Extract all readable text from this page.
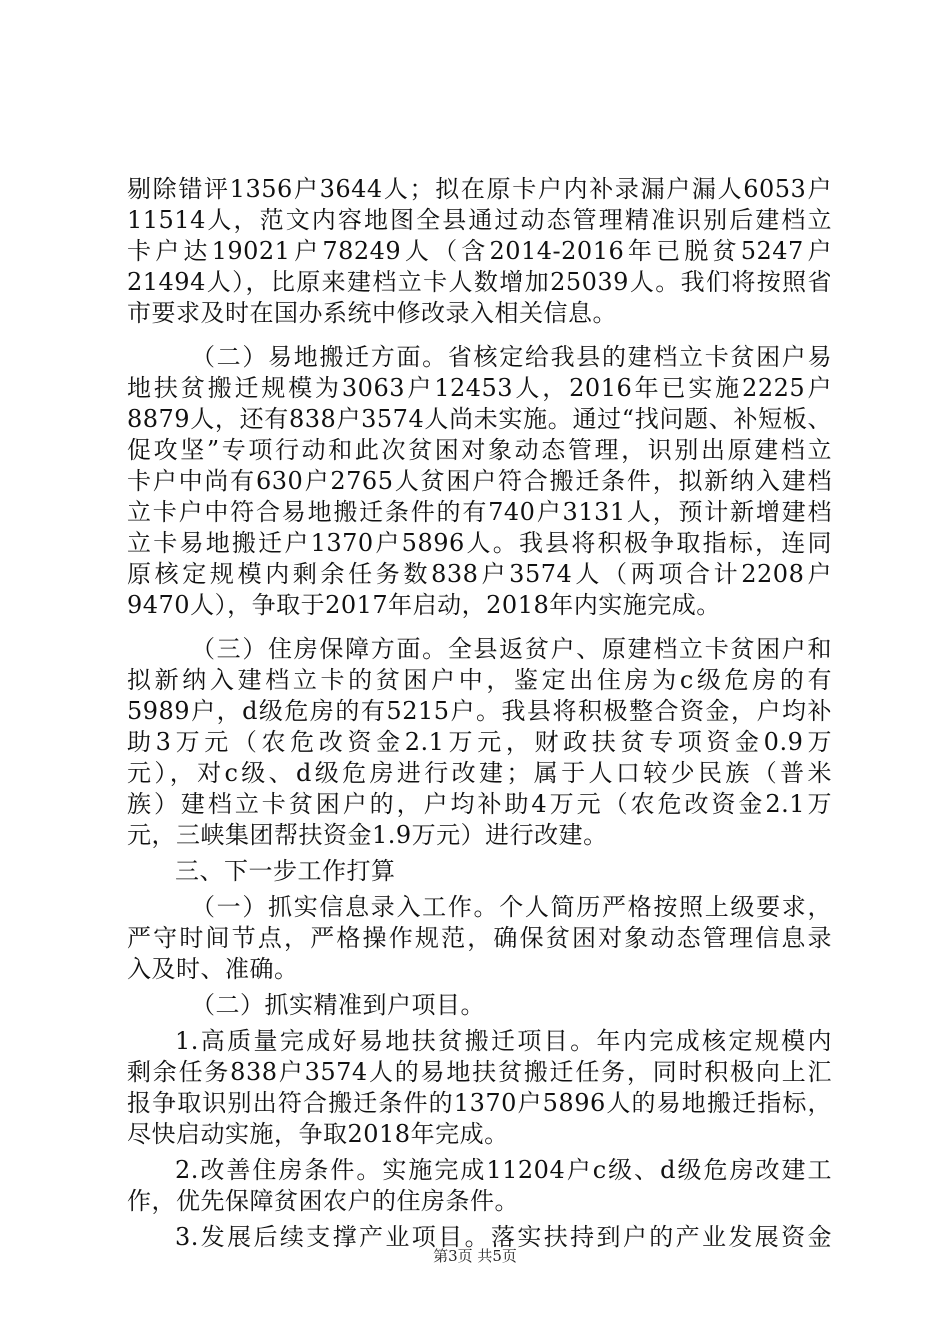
剔除错评1356户3644人；拟在原卡户内补录漏户漏人6053户
11514人，范文内容地图全县通过动态管理精准识别后建档立
卡户达19021户78249人（含2014-2016年已脱贫5247户
21494人），比原来建档立卡人数增加25039人。我们将按照省
市要求及时在国办系统中修改录入相关信息。
（二）易地搬迁方面。省核定给我县的建档立卡贫困户易
地扶贫搬迁规模为3063户12453人，2016年已实施2225户
8879人，还有838户3574人尚未实施。通过“找问题、补短板、
促攻坚”专项行动和此次贫困对象动态管理，识别出原建档立
卡户中尚有630户2765人贫困户符合搬迁条件，拟新纳入建档
立卡户中符合易地搬迁条件的有740户3131人，预计新增建档
立卡易地搬迁户1370户5896人。我县将积极争取指标，连同
原核定规模内剩余任务数838户3574人（两项合计2208户
9470人），争取于2017年启动，2018年内实施完成。
（三）住房保障方面。全县返贫户、原建档立卡贫困户和
拟新纳入建档立卡的贫困户中，鉴定出住房为c级危房的有
5989户，d级危房的有5215户。我县将积极整合资金，户均补
助3万元（农危改资金2.1万元，财政扶贫专项资金0.9万
元），对c级、d级危房进行改建；属于人口较少民族（普米
族）建档立卡贫困户的，户均补助4万元（农危改资金2.1万
元，三峡集团帮扶资金1.9万元）进行改建。
三、下一步工作打算
（一）抓实信息录入工作。个人简历严格按照上级要求，
严守时间节点，严格操作规范，确保贫困对象动态管理信息录
入及时、准确。
（二）抓实精准到户项目。
1.高质量完成好易地扶贫搬迁项目。年内完成核定规模内
剩余任务838户3574人的易地扶贫搬迁任务，同时积极向上汇
报争取识别出符合搬迁条件的1370户5896人的易地搬迁指标，
尽快启动实施，争取2018年完成。
2.改善住房条件。实施完成11204户c级、d级危房改建工
作，优先保障贫困农户的住房条件。
3.发展后续支撑产业项目。落实扶持到户的产业发展资金
第3页 共5页
